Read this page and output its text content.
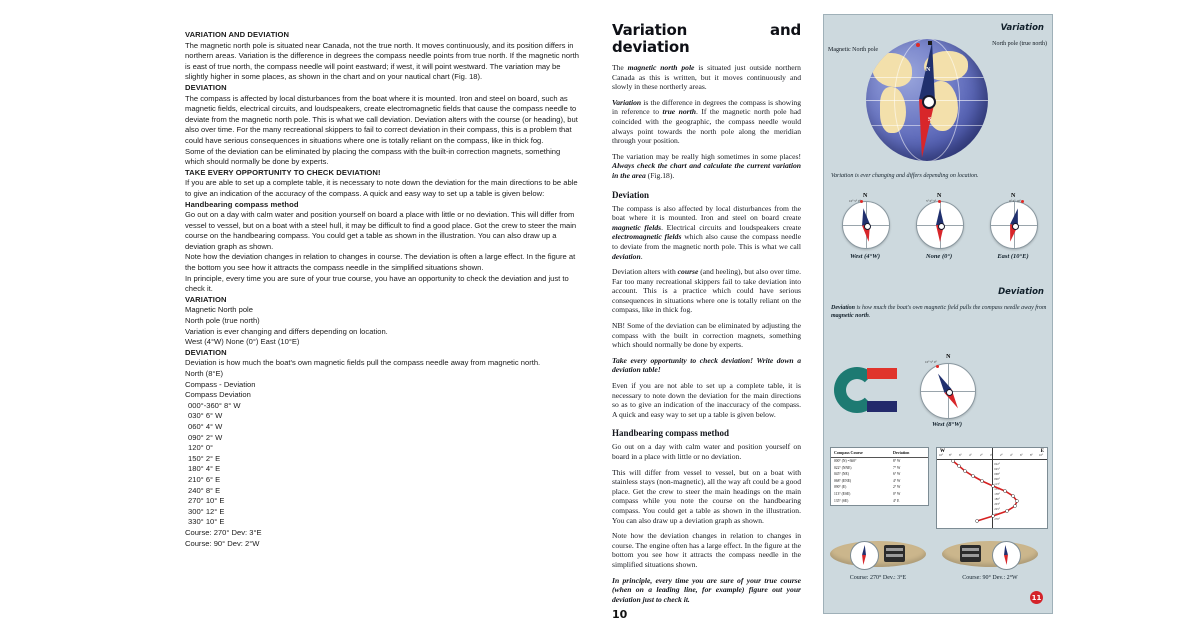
VARIATION AND DEVIATION

The magnetic north pole is situated near Canada, not the true north. It moves continuously, and its position differs in northern areas. Variation is the difference in degrees the compass needle points from true north. If the magnetic north is east of true north, the compass needle will point eastward; if west, it will point westward. The variation may be slightly higher in some places, as shown in the chart and on your nautical chart (Fig. 18).

DEVIATION

The compass is affected by local disturbances from the boat where it is mounted. Iron and steel on board, such as magnetic fields, electrical circuits, and loudspeakers, create electromagnetic fields that cause the compass needle to deviate from the magnetic north pole. This is what we call deviation. Deviation alters with the course (or heading), but also over time. For the many recreational skippers to fail to correct deviation in their compass, this is a problem that could have serious consequences in situations where one is totally reliant on the compass, like in thick fog.

Some of the deviation can be eliminated by placing the compass with the built-in correction magnets, something which should normally be done by experts.

TAKE EVERY OPPORTUNITY TO CHECK DEVIATION!

If you are able to set up a complete table, it is necessary to note down the deviation for the main directions to be able to give an indication of the accuracy of the compass. A quick and easy way to set up a table is given below:

Handbearing compass method

Go out on a day with calm water and position yourself on board a place with little or no deviation. This will differ from vessel to vessel, but on a boat with a steel hull, it may be difficult to find a good place. Got the crew to steer the main course on the handbearing compass. You could get a table as shown in the illustration. You can also draw up a deviation graph as shown.

Note how the deviation changes in relation to changes in course. The deviation is often a large effect. In the figure at the bottom you see how it attracts the compass needle in the simplified situations shown.

In principle, every time you are sure of your true course, you have an opportunity to check the deviation and just to check it.

VARIATION

Magnetic North pole

North pole (true north)

Variation is ever changing and differs depending on location.

West (4°W) None (0°) East (10°E)

DEVIATION

Deviation is how much the boat's own magnetic fields pull the compass needle away from magnetic north.

North (8°E)

Compass - Deviation

Compass Deviation

000°-360° 8° W

030° 6° W

060° 4° W

090° 2° W

120° 0°

150° 2° E

180° 4° E

210° 6° E

240° 8° E

270° 10° E

300° 12° E

330° 10° E

Course: 270° Dev: 3°E

Course: 90° Dev: 2°W

Variation and deviation

The magnetic north pole is situated just outside northern Canada as this is written, but it moves continuously and slowly in these northerly areas.

Variation is the difference in degrees the compass is showing in reference to true north. If the magnetic north pole had coincided with the geographic, the compass needle would always point towards the north pole along the meridian through your position.

The variation may be really high sometimes in some places! Always check the chart and calculate the current variation in the area (Fig.18).

Deviation

The compass is also affected by local disturbances from the boat where it is mounted. Iron and steel on board create magnetic fields. Electrical circuits and loudspeakers create electromagnetic fields which also cause the compass needle to deviate from the magnetic north pole. This is what we call deviation.

Deviation alters with course (and heeling), but also over time. Far too many recreational skippers fail to take deviation into account. This is a practice which could have serious consequences in situations where one is totally reliant on the compass, like in thick fog.

NB! Some of the deviation can be eliminated by adjusting the compass with the built in correction magnets, something which should normally be done by experts.

Take every opportunity to check deviation! Write down a deviation table!

Even if you are not able to set up a complete table, it is necessary to note down the deviation for the main directions so as to give an indication of the inaccuracy of the compass. A quick and easy way to set up a table is given below.

Handbearing compass method

Go out on a day with calm water and position yourself on board in a place with little or no deviation.

This will differ from vessel to vessel, but on a boat with stainless stays (non-magnetic), all the way aft could be a good place. Get the crew to steer the main headings on the main compass while you note the course on the handbearing compass. You could get a table as shown in the illustration. You can also draw up a deviation graph as shown.

Note how the deviation changes in relation to changes in course. The engine often has a large effect. In the figure at the bottom you see how it attracts the compass needle in the simplified situations shown.

In principle, every time you are sure of your true course (when on a leading line, for example) figure out your deviation just to check it.

10
Variation
Magnetic North pole
North pole (true north)
N
S
Variation is ever changing and differs depending on location.
N
10° 5° 0°
West (4°W)
N
5° 0° 5°
None (0°)
N
0° 5° 10°
East (10°E)
Deviation
Deviation is how much the boat's own magnetic field pulls the compass needle away from magnetic north.
N
10° 5° 0°
West (8°W)
Compass Course	Deviation
000° (N) =360°	8° W
022° (NNE)	7° W
045° (NE)	6° W
068° (ENE)	4° W
090° (E)	2° W
113° (ESE)	0° W
135° (SE)	4° E
W	E
10° 8° 6° 4°	2° 0° 2° 4° 6° 8° 10°
022°
045°
068°
090°
113°
135°
158°
180°
203°
225°
248°
270°
Course: 270° Dev.: 3°E	Course: 90° Dev.: 2°W
11
